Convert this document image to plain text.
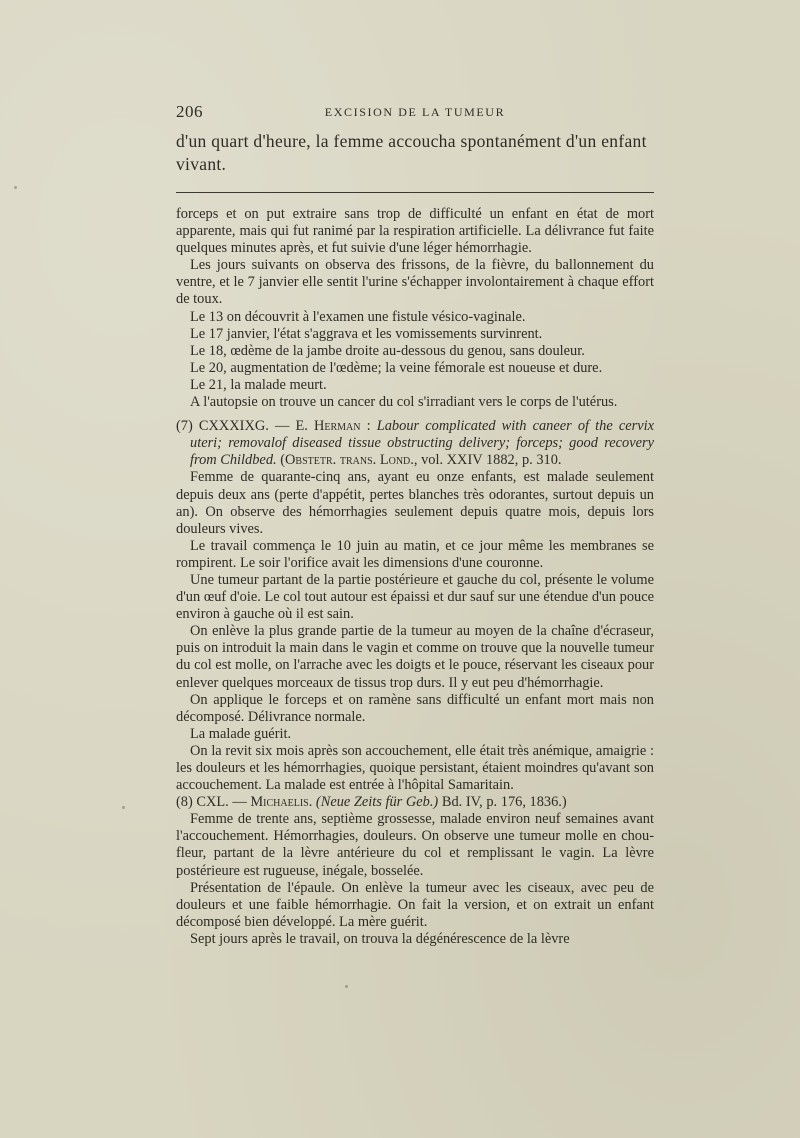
206	EXCISION DE LA TUMEUR

d'un quart d'heure, la femme accoucha spontanément d'un enfant

vivant.

forceps et on put extraire sans trop de difficulté un enfant en état de mort apparente, mais qui fut ranimé par la respiration artificielle. La délivrance fut faite quelques minutes après, et fut suivie d'une léger hémorrhagie.

Les jours suivants on observa des frissons, de la fièvre, du ballonnement du ventre, et le 7 janvier elle sentit l'urine s'échapper involontairement à chaque effort de toux.

Le 13 on découvrit à l'examen une fistule vésico-vaginale.

Le 17 janvier, l'état s'aggrava et les vomissements survinrent.

Le 18, œdème de la jambe droite au-dessous du genou, sans douleur.

Le 20, augmentation de l'œdème; la veine fémorale est noueuse et dure.

Le 21, la malade meurt.

A l'autopsie on trouve un cancer du col s'irradiant vers le corps de l'utérus.

(7) CXXXIXG. — E. Herman : Labour complicated with caneer of the cervix uteri; removalof diseased tissue obstructing delivery; forceps; good recovery from Childbed. (Obstetr. trans. Lond., vol. XXIV 1882, p. 310.

Femme de quarante-cinq ans, ayant eu onze enfants, est malade seulement depuis deux ans (perte d'appétit, pertes blanches très odorantes, surtout depuis un an). On observe des hémorrhagies seulement depuis quatre mois, depuis lors douleurs vives.

Le travail commença le 10 juin au matin, et ce jour même les membranes se rompirent. Le soir l'orifice avait les dimensions d'une couronne.

Une tumeur partant de la partie postérieure et gauche du col, présente le volume d'un œuf d'oie. Le col tout autour est épaissi et dur sauf sur une étendue d'un pouce environ à gauche où il est sain.

On enlève la plus grande partie de la tumeur au moyen de la chaîne d'écraseur, puis on introduit la main dans le vagin et comme on trouve que la nouvelle tumeur du col est molle, on l'arrache avec les doigts et le pouce, réservant les ciseaux pour enlever quelques morceaux de tissus trop durs. Il y eut peu d'hémorrhagie.

On applique le forceps et on ramène sans difficulté un enfant mort mais non décomposé. Délivrance normale.

La malade guérit.

On la revit six mois après son accouchement, elle était très anémique, amaigrie : les douleurs et les hémorrhagies, quoique persistant, étaient moindres qu'avant son accouchement. La malade est entrée à l'hôpital Samaritain.

(8) CXL. — Michaelis. (Neue Zeits für Geb.) Bd. IV, p. 176, 1836.)

Femme de trente ans, septième grossesse, malade environ neuf semaines avant l'accouchement. Hémorrhagies, douleurs. On observe une tumeur molle en chou-fleur, partant de la lèvre antérieure du col et remplissant le vagin. La lèvre postérieure est rugueuse, inégale, bosselée.

Présentation de l'épaule. On enlève la tumeur avec les ciseaux, avec peu de douleurs et une faible hémorrhagie. On fait la version, et on extrait un enfant décomposé bien développé. La mère guérit.

Sept jours après le travail, on trouva la dégénérescence de la lèvre
